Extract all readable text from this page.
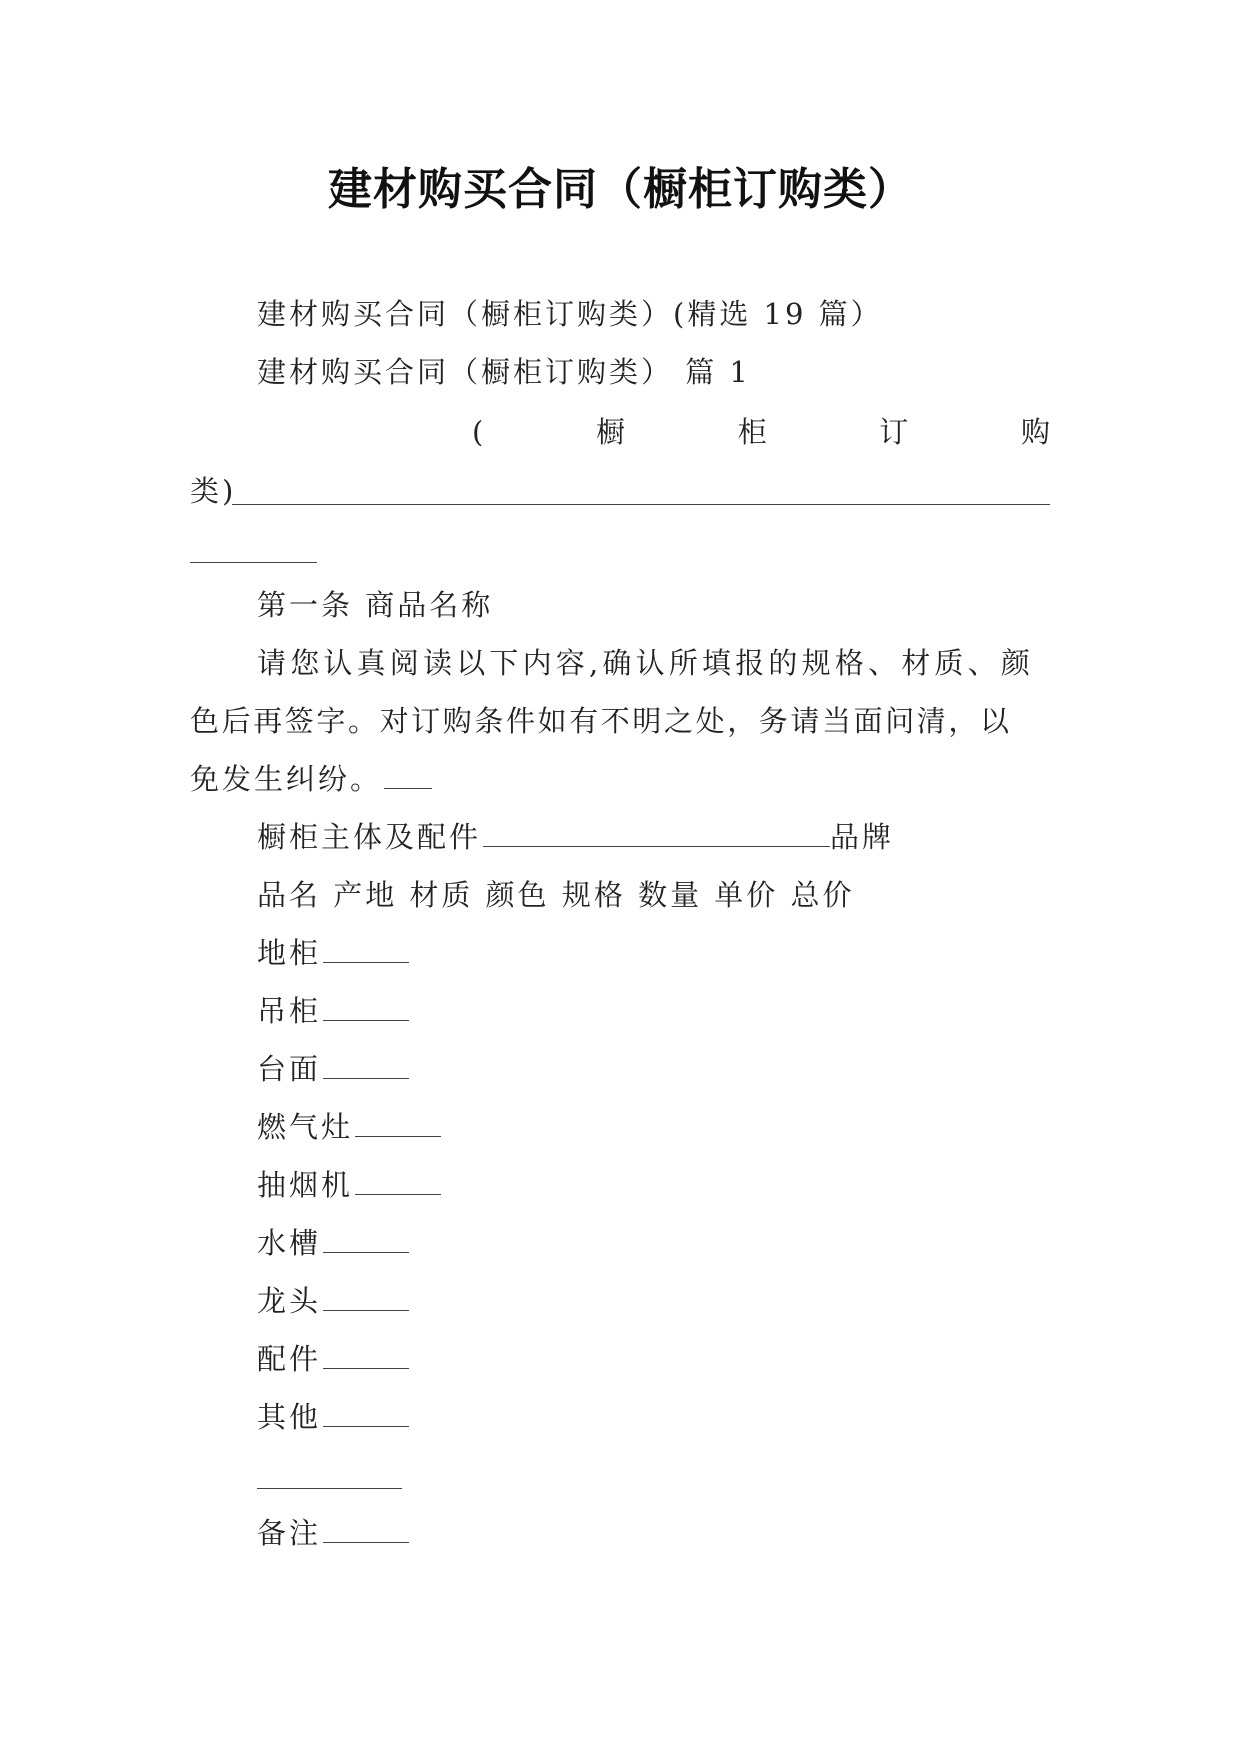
建材购买合同（橱柜订购类）
建材购买合同（橱柜订购类）(精选 19 篇）
建材购买合同（橱柜订购类） 篇 1
(	橱	柜	订	购
类)
第一条 商品名称
请您认真阅读以下内容,确认所填报的规格、材质、颜
色后再签字。对订购条件如有不明之处，务请当面问清，以
免发生纠纷。
橱柜主体及配件	品牌
品名 产地 材质 颜色 规格 数量 单价 总价
地柜
吊柜
台面
燃气灶
抽烟机
水槽
龙头
配件
其他
备注
